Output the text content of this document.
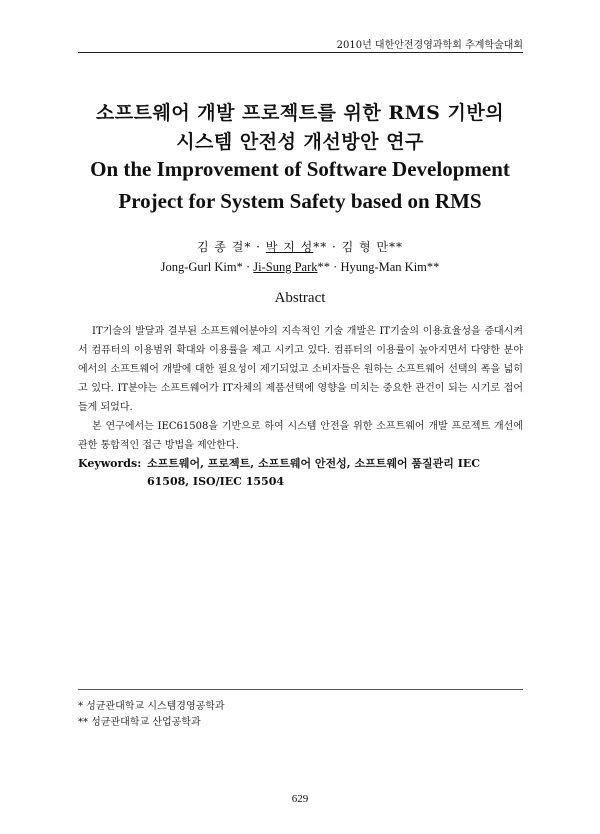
2010년 대한안전경영과학회 추계학술대회
소프트웨어 개발 프로젝트를 위한 RMS 기반의
시스템 안전성 개선방안 연구
On the Improvement of Software Development
Project for System Safety based on RMS
김 종 걸* · 박 지 성** · 김 형 만**
Jong-Gurl Kim* · Ji-Sung Park** · Hyung-Man Kim**
Abstract

IT기술의 발달과 결부된 소프트웨어분야의 지속적인 기술 개발은 IT기술의 이용효율성을 증대시켜서 컴퓨터의 이용범위 확대와 이용률을 제고 시키고 있다. 컴퓨터의 이용률이 높아지면서 다양한 분야에서의 소프트웨어 개발에 대한 필요성이 제기되었고 소비자들은 원하는 소프트웨어 선택의 폭을 넓히고 있다. IT분야는 소프트웨어가 IT자체의 제품선택에 영향을 미치는 중요한 관건이 되는 시기로 접어들게 되었다.

본 연구에서는 IEC61508을 기반으로 하여 시스템 안전을 위한 소프트웨어 개발 프로젝트 개선에 관한 통합적인 접근 방법을 제안한다.

Keywords: 소프트웨어, 프로젝트, 소프트웨어 안전성, 소프트웨어 품질관리 IEC
61508, ISO/IEC 15504
* 성균관대학교 시스템경영공학과
** 성균관대학교 산업공학과
629
